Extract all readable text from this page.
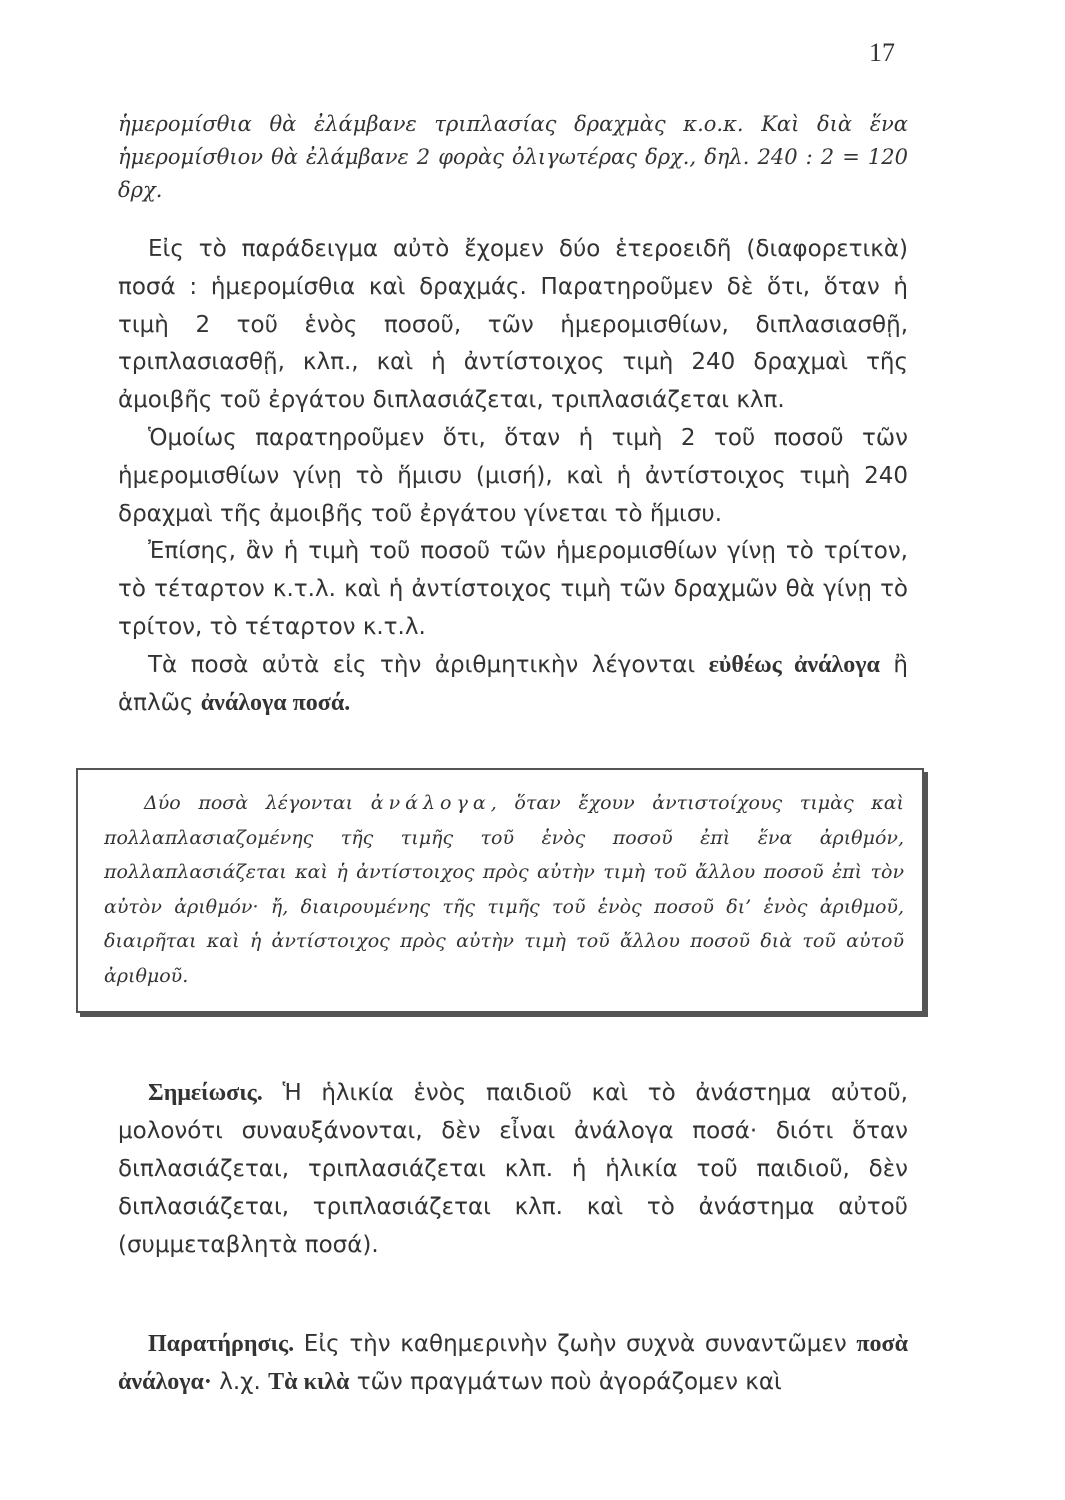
17

ἡμερομίσθια θὰ ἐλάμβανε τριπλασίας δραχμὰς κ.ο.κ. Καὶ διὰ ἕνα ἡμερομίσθιον θὰ ἐλάμβανε 2 φορὰς ὀλιγωτέρας δρχ., δηλ. 240 : 2 = 120 δρχ.

Εἰς τὸ παράδειγμα αὐτὸ ἔχομεν δύο ἑτεροειδῆ (διαφορετικὰ) ποσά : ἡμερομίσθια καὶ δραχμάς. Παρατηροῦμεν δὲ ὅτι, ὅταν ἡ τιμὴ 2 τοῦ ἑνὸς ποσοῦ, τῶν ἡμερομισθίων, διπλασιασθῇ, τριπλασιασθῇ, κλπ., καὶ ἡ ἀντίστοιχος τιμὴ 240 δραχμαὶ τῆς ἀμοιβῆς τοῦ ἐργάτου διπλασιάζεται, τριπλασιάζεται κλπ.

Ὁμοίως παρατηροῦμεν ὅτι, ὅταν ἡ τιμὴ 2 τοῦ ποσοῦ τῶν ἡμερομισθίων γίνῃ τὸ ἥμισυ (μισή), καὶ ἡ ἀντίστοιχος τιμὴ 240 δραχμαὶ τῆς ἀμοιβῆς τοῦ ἐργάτου γίνεται τὸ ἥμισυ.

Ἐπίσης, ἂν ἡ τιμὴ τοῦ ποσοῦ τῶν ἡμερομισθίων γίνῃ τὸ τρίτον, τὸ τέταρτον κ.τ.λ. καὶ ἡ ἀντίστοιχος τιμὴ τῶν δραχμῶν θὰ γίνῃ τὸ τρίτον, τὸ τέταρτον κ.τ.λ.

Τὰ ποσὰ αὐτὰ εἰς τὴν ἀριθμητικὴν λέγονται εὐθέως ἀνάλογα ἢ ἁπλῶς ἀνάλογα ποσά.

Δύο ποσὰ λέγονται ἀνάλογα, ὅταν ἔχουν ἀντιστοίχους τιμὰς καὶ πολλαπλασιαζομένης τῆς τιμῆς τοῦ ἑνὸς ποσοῦ ἐπὶ ἕνα ἀριθμόν, πολλαπλασιάζεται καὶ ἡ ἀντίστοιχος πρὸς αὐτὴν τιμὴ τοῦ ἄλλου ποσοῦ ἐπὶ τὸν αὐτὸν ἀριθμόν· ἤ, διαιρουμένης τῆς τιμῆς τοῦ ἑνὸς ποσοῦ δι’ ἑνὸς ἀριθμοῦ, διαιρῆται καὶ ἡ ἀντίστοιχος πρὸς αὐτὴν τιμὴ τοῦ ἄλλου ποσοῦ διὰ τοῦ αὐτοῦ ἀριθμοῦ.

Σημείωσις. Ἡ ἡλικία ἑνὸς παιδιοῦ καὶ τὸ ἀνάστημα αὐτοῦ, μολονότι συναυξάνονται, δὲν εἶναι ἀνάλογα ποσά· διότι ὅταν διπλασιάζεται, τριπλασιάζεται κλπ. ἡ ἡλικία τοῦ παιδιοῦ, δὲν διπλασιάζεται, τριπλασιάζεται κλπ. καὶ τὸ ἀνάστημα αὐτοῦ (συμμεταβλητὰ ποσά).

Παρατήρησις. Εἰς τὴν καθημερινὴν ζωὴν συχνὰ συναντῶμεν ποσὰ ἀνάλογα· λ.χ. Τὰ κιλὰ τῶν πραγμάτων ποὺ ἀγοράζομεν καὶ
